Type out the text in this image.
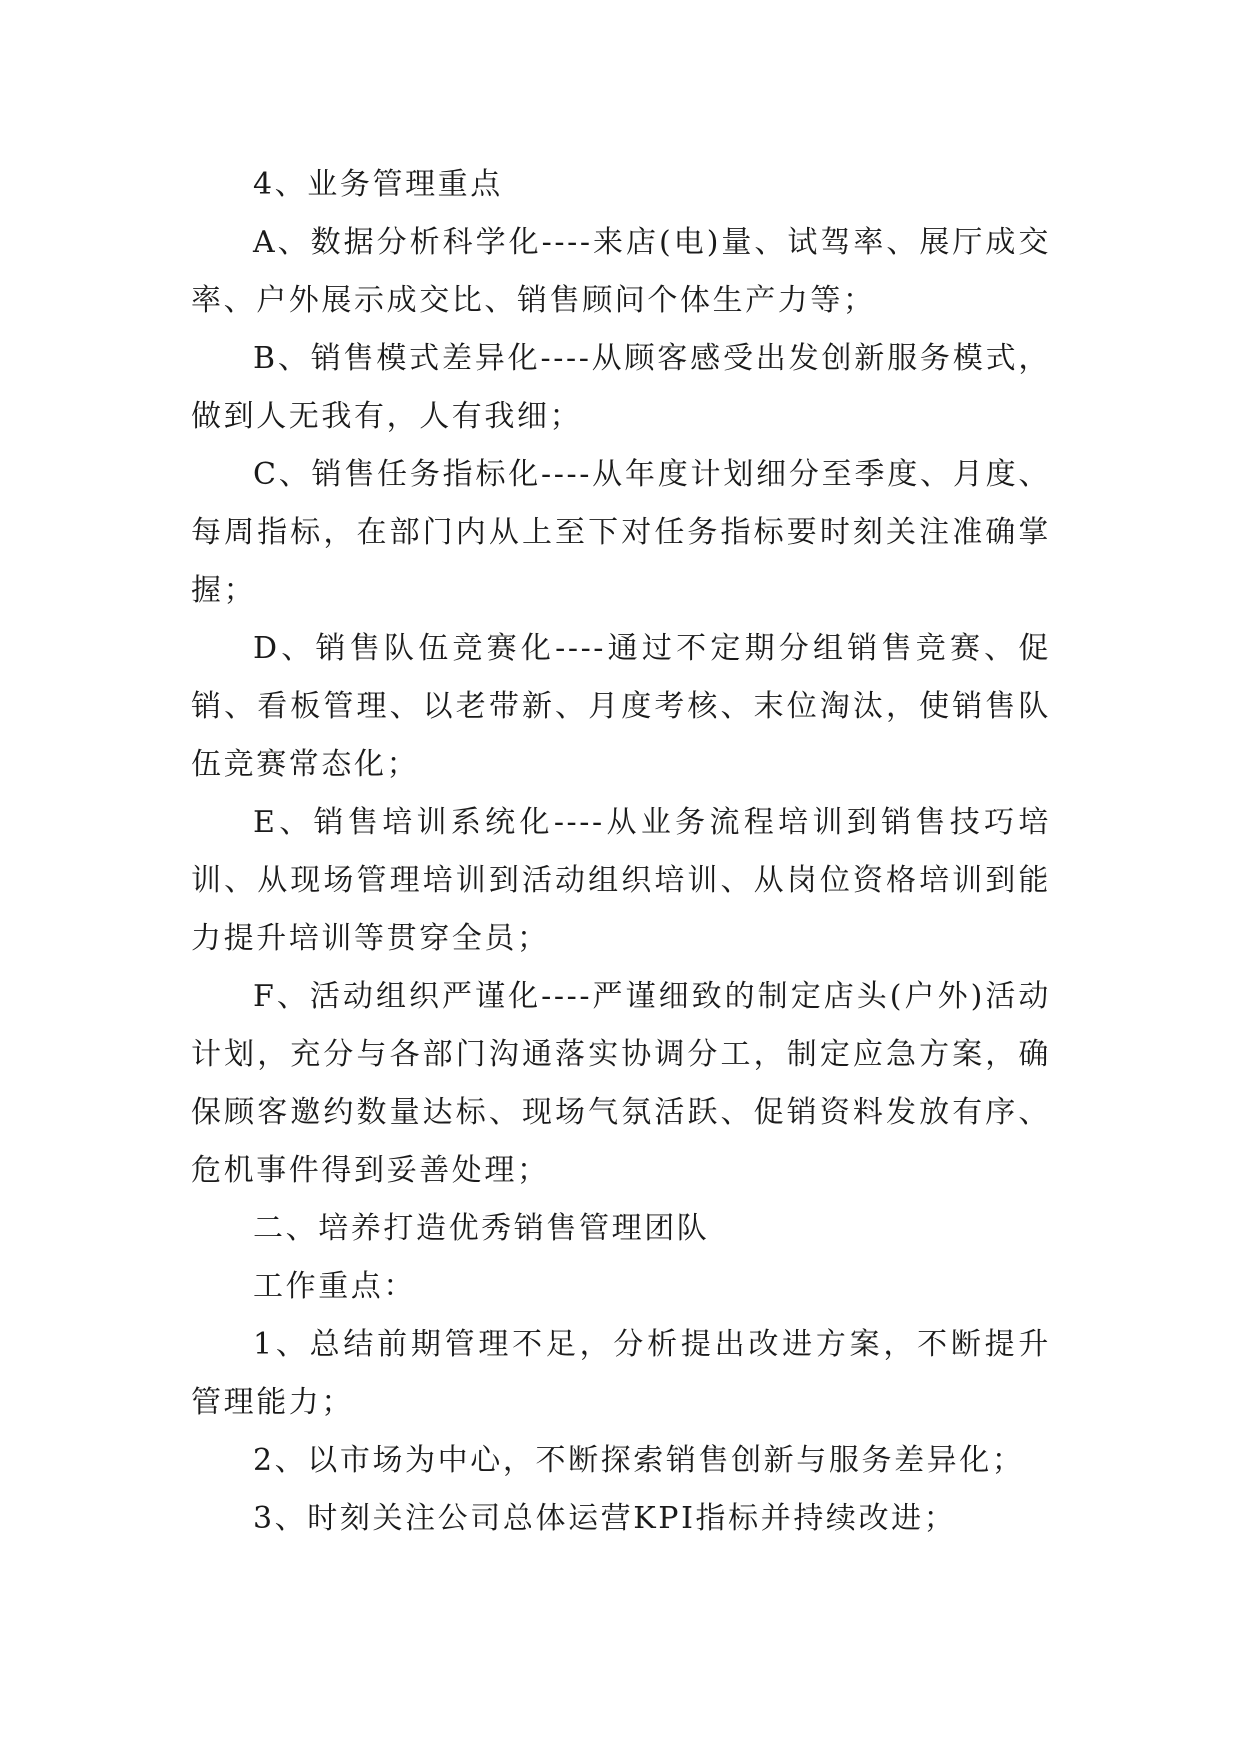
4、业务管理重点

A、数据分析科学化----来店(电)量、试驾率、展厅成交率、户外展示成交比、销售顾问个体生产力等；

B、销售模式差异化----从顾客感受出发创新服务模式，做到人无我有，人有我细；

C、销售任务指标化----从年度计划细分至季度、月度、每周指标，在部门内从上至下对任务指标要时刻关注准确掌握；

D、销售队伍竞赛化----通过不定期分组销售竞赛、促销、看板管理、以老带新、月度考核、末位淘汰，使销售队伍竞赛常态化；

E、销售培训系统化----从业务流程培训到销售技巧培训、从现场管理培训到活动组织培训、从岗位资格培训到能力提升培训等贯穿全员；

F、活动组织严谨化----严谨细致的制定店头(户外)活动计划，充分与各部门沟通落实协调分工，制定应急方案，确保顾客邀约数量达标、现场气氛活跃、促销资料发放有序、危机事件得到妥善处理；

二、培养打造优秀销售管理团队

工作重点：

1、总结前期管理不足，分析提出改进方案，不断提升管理能力；

2、以市场为中心，不断探索销售创新与服务差异化；

3、时刻关注公司总体运营KPI指标并持续改进；
